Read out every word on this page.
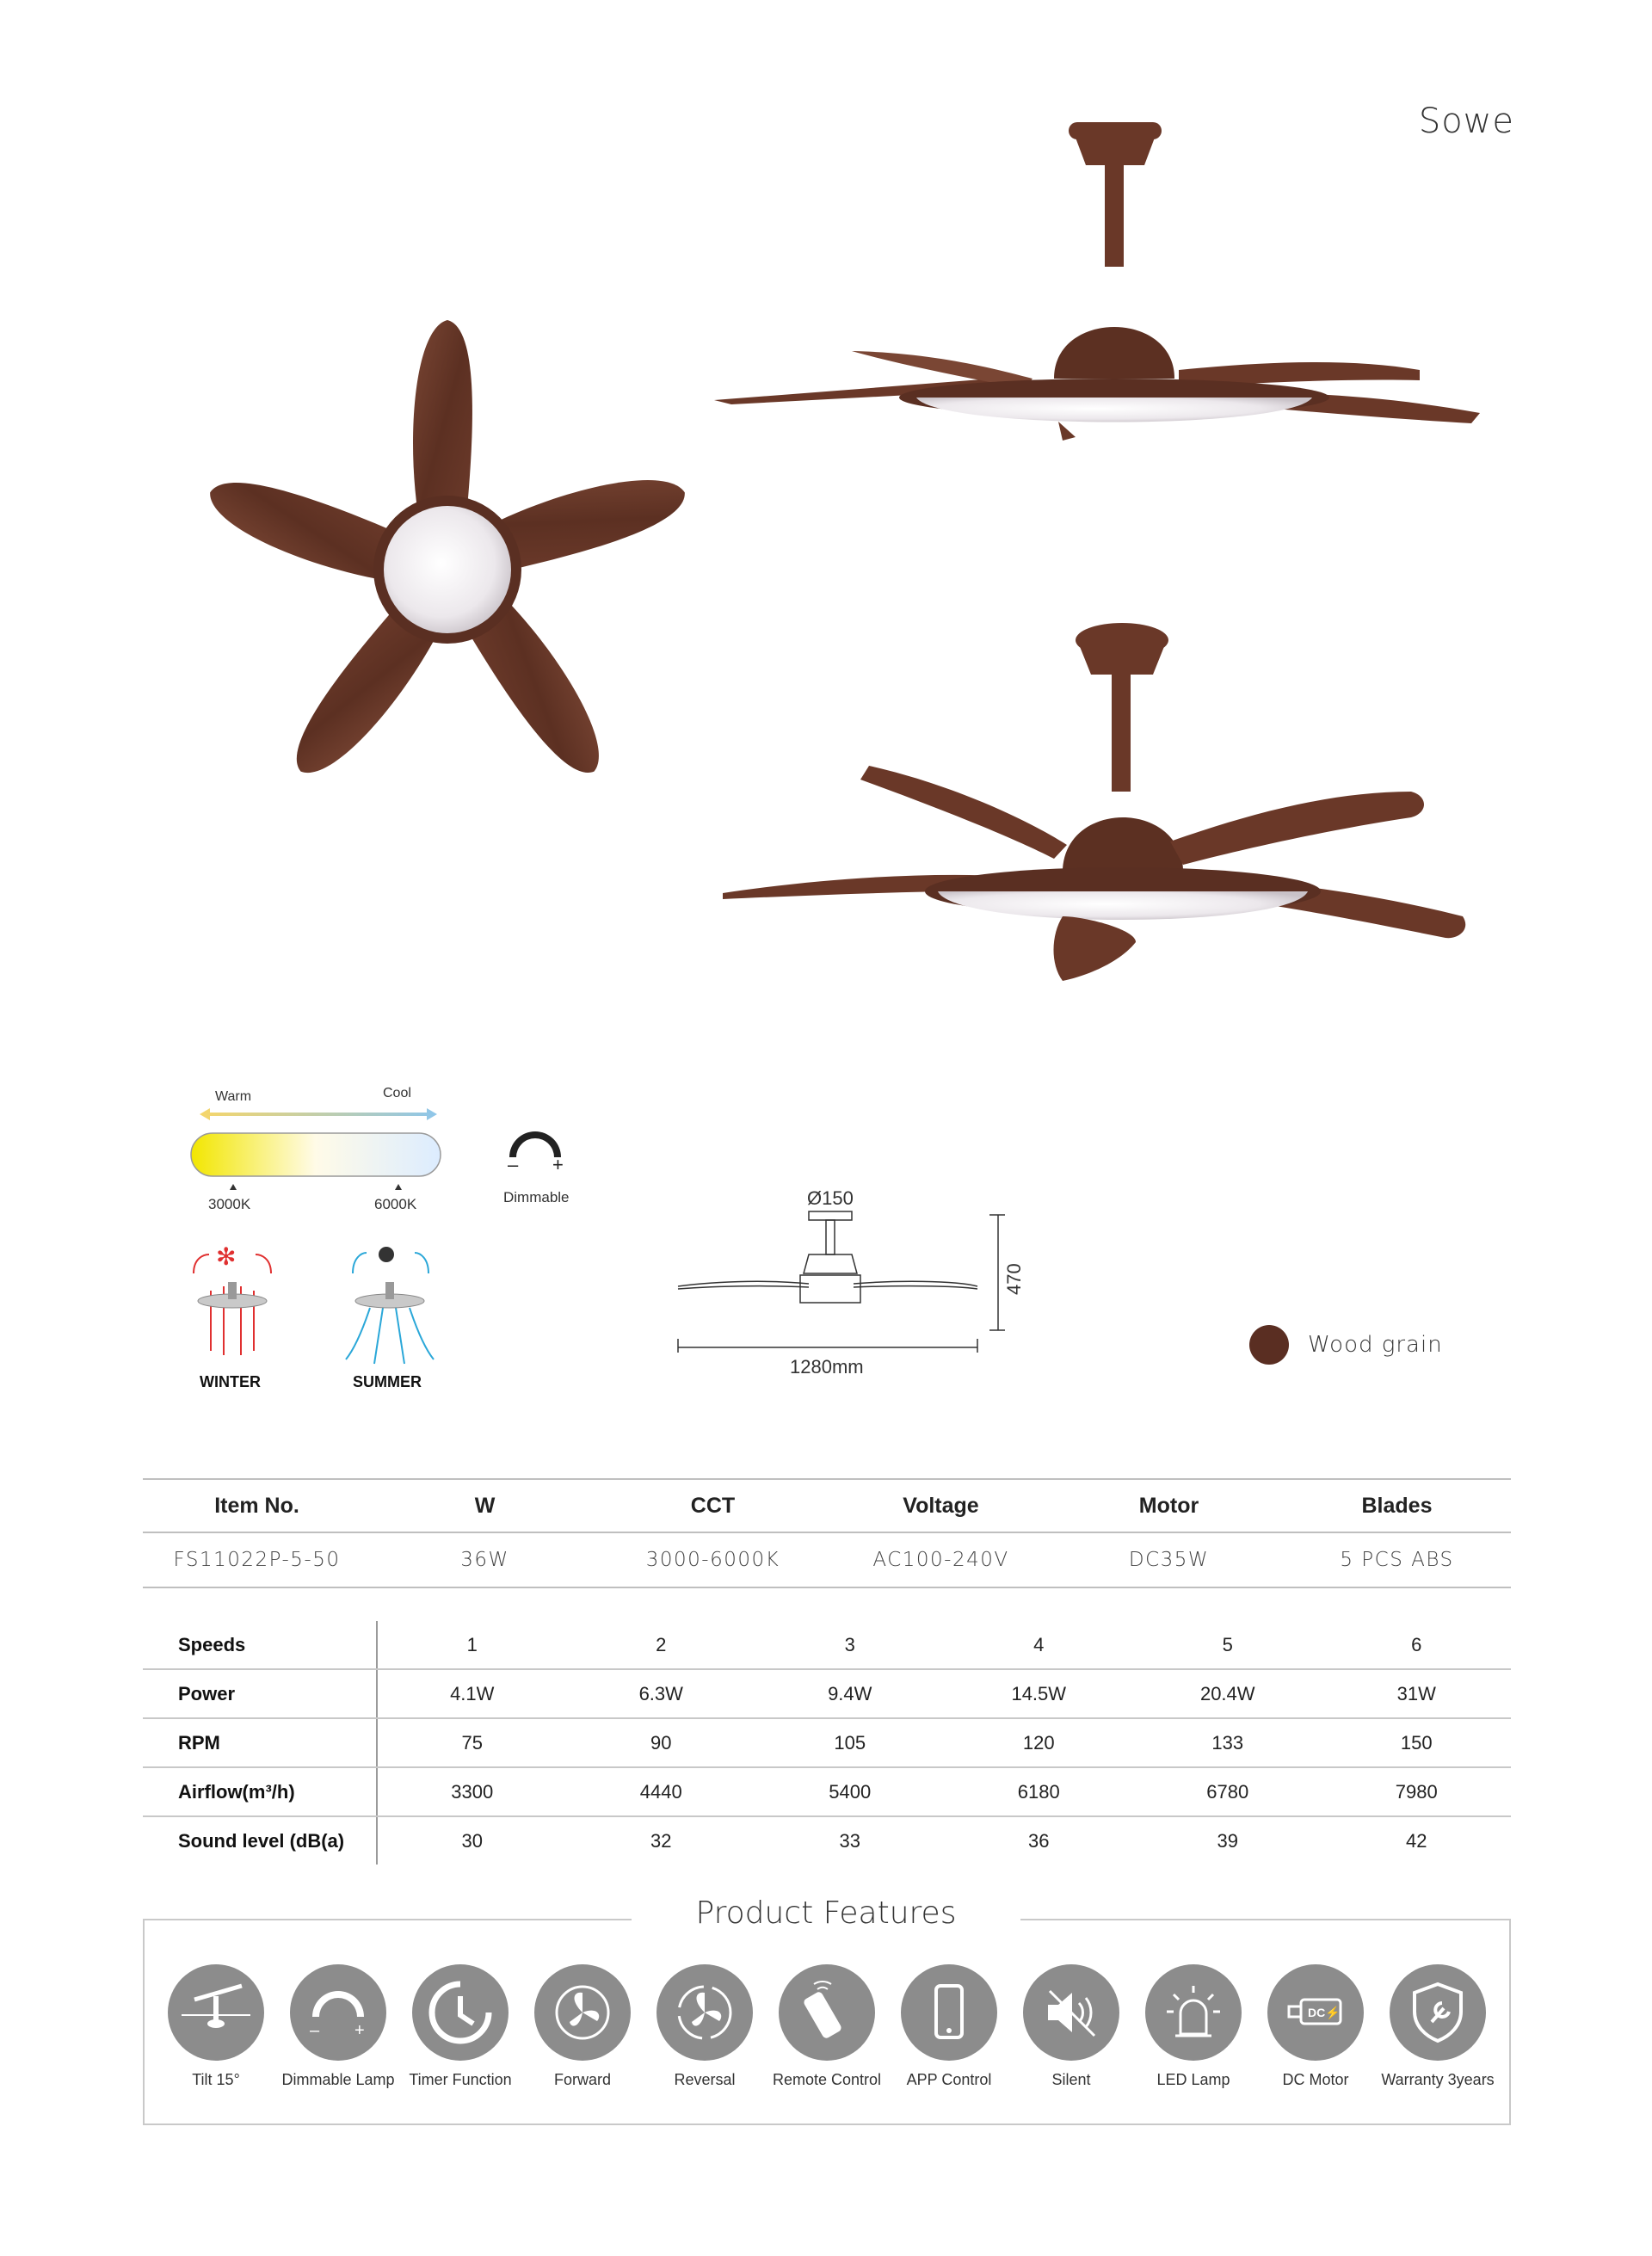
Sowe
Warm	Cool
3000K	6000K
– +
Dimmable
✻
WINTER	SUMMER
Ø150
470
1280mm
Wood grain
Item No.	W	CCT	Voltage	Motor	Blades
FS11022P-5-50	36W	3000-6000K	AC100-240V	DC35W	5 PCS ABS
Speeds	1	2	3	4	5	6
Power	4.1W	6.3W	9.4W	14.5W	20.4W	31W
RPM	75	90	105	120	133	150
Airflow(m³/h)	3300	4440	5400	6180	6780	7980
Sound level (dB(a)	30	32	33	36	39	42
Product Features
Tilt 15°
– +
Dimmable Lamp Timer Function	Forward	Reversal Remote Control APP Control	Silent	LED Lamp
DC⚡
DC Motor Warranty 3years
